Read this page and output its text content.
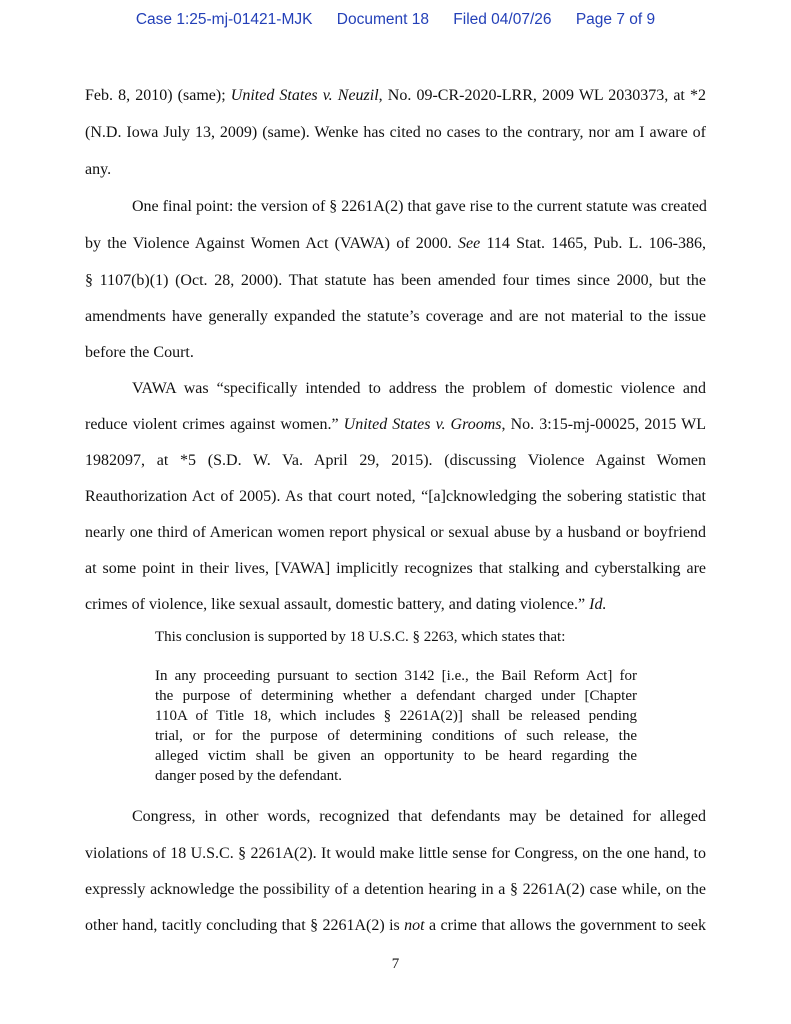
Case 1:25-mj-01421-MJK Document 18 Filed 04/07/26 Page 7 of 9
Feb. 8, 2010) (same); United States v. Neuzil, No. 09-CR-2020-LRR, 2009 WL 2030373, at *2
(N.D. Iowa July 13, 2009) (same). Wenke has cited no cases to the contrary, nor am I aware of
any.
One final point: the version of § 2261A(2) that gave rise to the current statute was created
by the Violence Against Women Act (VAWA) of 2000. See 114 Stat. 1465, Pub. L. 106-386,
§ 1107(b)(1) (Oct. 28, 2000). That statute has been amended four times since 2000, but the
amendments have generally expanded the statute’s coverage and are not material to the issue
before the Court.
VAWA was “specifically intended to address the problem of domestic violence and
reduce violent crimes against women.” United States v. Grooms, No. 3:15-mj-00025, 2015 WL
1982097, at *5 (S.D. W. Va. April 29, 2015). (discussing Violence Against Women
Reauthorization Act of 2005). As that court noted, “[a]cknowledging the sobering statistic that
nearly one third of American women report physical or sexual abuse by a husband or boyfriend
at some point in their lives, [VAWA] implicitly recognizes that stalking and cyberstalking are
crimes of violence, like sexual assault, domestic battery, and dating violence.” Id.
This conclusion is supported by 18 U.S.C. § 2263, which states that:
In any proceeding pursuant to section 3142 [i.e., the Bail Reform Act] for
the purpose of determining whether a defendant charged under [Chapter
110A of Title 18, which includes § 2261A(2)] shall be released pending
trial, or for the purpose of determining conditions of such release, the
alleged victim shall be given an opportunity to be heard regarding the
danger posed by the defendant.
Congress, in other words, recognized that defendants may be detained for alleged
violations of 18 U.S.C. § 2261A(2). It would make little sense for Congress, on the one hand, to
expressly acknowledge the possibility of a detention hearing in a § 2261A(2) case while, on the
other hand, tacitly concluding that § 2261A(2) is not a crime that allows the government to seek
7
